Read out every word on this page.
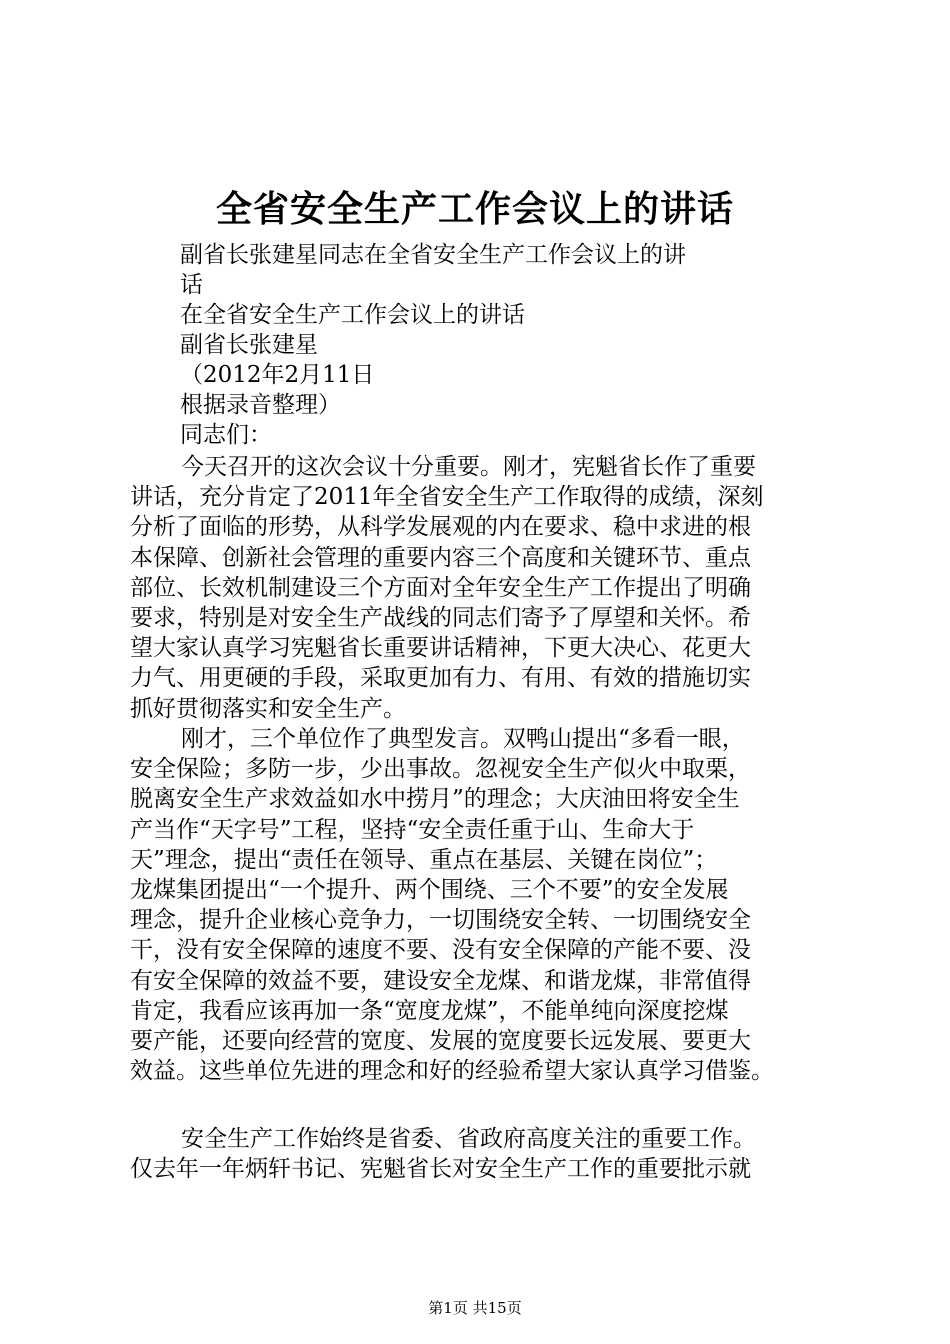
全省安全生产工作会议上的讲话
副省长张建星同志在全省安全生产工作会议上的讲
话
在全省安全生产工作会议上的讲话
副省长张建星
（2012年2月11日
根据录音整理）
同志们：
今天召开的这次会议十分重要。刚才，宪魁省长作了重要
讲话，充分肯定了2011年全省安全生产工作取得的成绩，深刻
分析了面临的形势，从科学发展观的内在要求、稳中求进的根
本保障、创新社会管理的重要内容三个高度和关键环节、重点
部位、长效机制建设三个方面对全年安全生产工作提出了明确
要求，特别是对安全生产战线的同志们寄予了厚望和关怀。希
望大家认真学习宪魁省长重要讲话精神，下更大决心、花更大
力气、用更硬的手段，采取更加有力、有用、有效的措施切实
抓好贯彻落实和安全生产。
刚才，三个单位作了典型发言。双鸭山提出“多看一眼，
安全保险；多防一步，少出事故。忽视安全生产似火中取栗，
脱离安全生产求效益如水中捞月”的理念；大庆油田将安全生
产当作“天字号”工程，坚持“安全责任重于山、生命大于
天”理念，提出“责任在领导、重点在基层、关键在岗位”；
龙煤集团提出“一个提升、两个围绕、三个不要”的安全发展
理念，提升企业核心竞争力，一切围绕安全转、一切围绕安全
干，没有安全保障的速度不要、没有安全保障的产能不要、没
有安全保障的效益不要，建设安全龙煤、和谐龙煤，非常值得
肯定，我看应该再加一条“宽度龙煤”，不能单纯向深度挖煤
要产能，还要向经营的宽度、发展的宽度要长远发展、要更大
效益。这些单位先进的理念和好的经验希望大家认真学习借鉴。
安全生产工作始终是省委、省政府高度关注的重要工作。
仅去年一年炳轩书记、宪魁省长对安全生产工作的重要批示就
第1页 共15页
